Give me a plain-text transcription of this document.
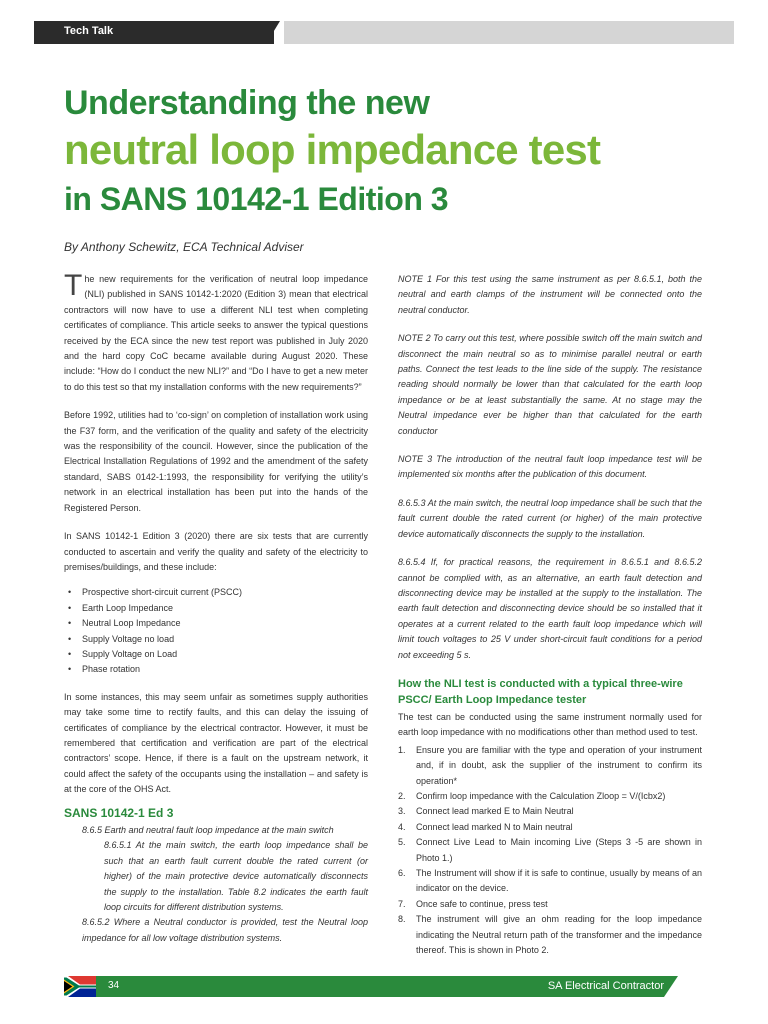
Tech Talk
Understanding the new
neutral loop impedance test
in SANS 10142-1 Edition 3
By Anthony Schewitz, ECA Technical Adviser

The new requirements for the verification of neutral loop impedance (NLI) published in SANS 10142-1:2020 (Edition 3) mean that electrical contractors will now have to use a different NLI test when completing certificates of compliance. This article seeks to answer the typical questions received by the ECA since the new test report was published in July 2020 and the hard copy CoC became available during August 2020. These include: “How do I conduct the new NLI?” and “Do I have to get a new meter to do this test so that my installation conforms with the new requirements?”

Before 1992, utilities had to ‘co-sign’ on completion of installation work using the F37 form, and the verification of the quality and safety of the electricity was the responsibility of the council. However, since the publication of the Electrical Installation Regulations of 1992 and the amendment of the safety standard, SABS 0142-1:1993, the responsibility for verifying the utility’s network in an electrical installation has been put into the hands of the Registered Person.

In SANS 10142-1 Edition 3 (2020) there are six tests that are currently conducted to ascertain and verify the quality and safety of the electricity to premises/buildings, and these include:

• Prospective short-circuit current (PSCC)
• Earth Loop Impedance
• Neutral Loop Impedance
• Supply Voltage no load
• Supply Voltage on Load
• Phase rotation

In some instances, this may seem unfair as sometimes supply authorities may take some time to rectify faults, and this can delay the issuing of certificates of compliance by the electrical contractor. However, it must be remembered that certification and verification are part of the electrical contractors’ scope. Hence, if there is a fault on the upstream network, it could affect the safety of the occupants using the installation – and safety is at the core of the OHS Act.

SANS 10142-1 Ed 3
8.6.5 Earth and neutral fault loop impedance at the main switch
8.6.5.1 At the main switch, the earth loop impedance shall be such that an earth fault current double the rated current (or higher) of the main protective device automatically disconnects the supply to the installation. Table 8.2 indicates the earth fault loop circuits for different distribution systems.
8.6.5.2 Where a Neutral conductor is provided, test the Neutral loop impedance for all low voltage distribution systems.

NOTE 1 For this test using the same instrument as per 8.6.5.1, both the neutral and earth clamps of the instrument will be connected onto the neutral conductor.

NOTE 2 To carry out this test, where possible switch off the main switch and disconnect the main neutral so as to minimise parallel neutral or earth paths. Connect the test leads to the line side of the supply. The resistance reading should normally be lower than that calculated for the earth loop impedance or be at least substantially the same. At no stage may the Neutral impedance ever be higher than that calculated for the earth conductor

NOTE 3 The introduction of the neutral fault loop impedance test will be implemented six months after the publication of this document.

8.6.5.3 At the main switch, the neutral loop impedance shall be such that the fault current double the rated current (or higher) of the main protective device automatically disconnects the supply to the installation.

8.6.5.4 If, for practical reasons, the requirement in 8.6.5.1 and 8.6.5.2 cannot be complied with, as an alternative, an earth fault detection and disconnecting device may be installed at the supply to the installation. The earth fault detection and disconnecting device should be so installed that it operates at a current related to the earth fault loop impedance which will limit touch voltages to 25 V under short-circuit fault conditions for a period not exceeding 5 s.

How the NLI test is conducted with a typical three-wire PSCC/ Earth Loop Impedance tester
The test can be conducted using the same instrument normally used for earth loop impedance with no modifications other than method used to test.
1. Ensure you are familiar with the type and operation of your instrument and, if in doubt, ask the supplier of the instrument to confirm its operation*
2. Confirm loop impedance with the Calculation Zloop = V/(Icbx2)
3. Connect lead marked E to Main Neutral
4. Connect lead marked N to Main neutral
5. Connect Live Lead to Main incoming Live (Steps 3 -5 are shown in Photo 1.)
6. The Instrument will show if it is safe to continue, usually by means of an indicator on the device.
7. Once safe to continue, press test
8. The instrument will give an ohm reading for the loop impedance indicating the Neutral return path of the transformer and the impedance thereof. This is shown in Photo 2.
34	SA Electrical Contractor
